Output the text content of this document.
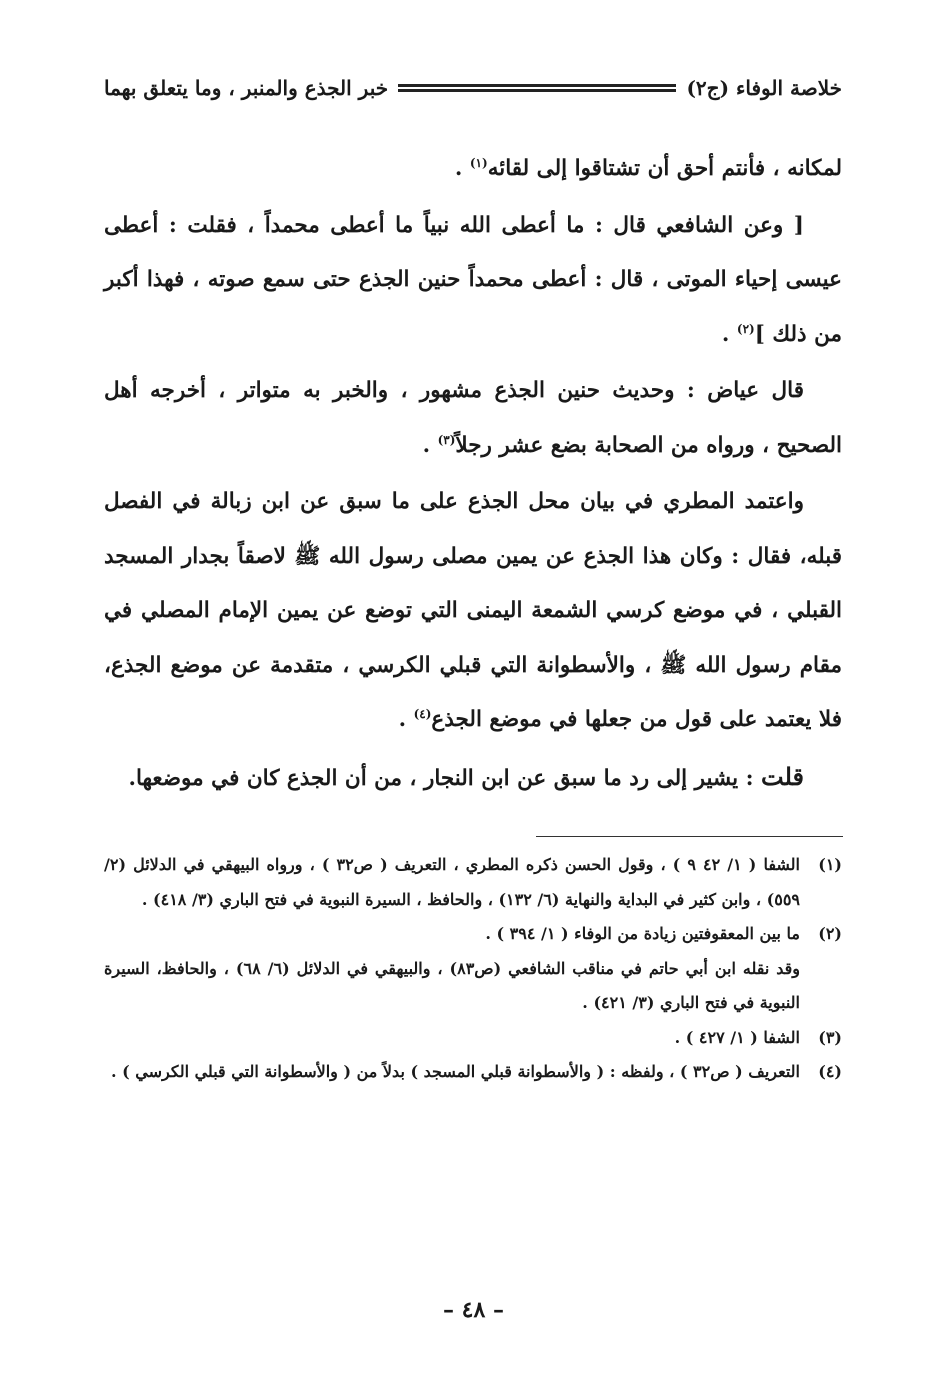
خلاصة الوفاء (ج٢)
خبر الجذع والمنبر ، وما يتعلق بهما

لمكانه ، فأنتم أحق أن تشتاقوا إلى لقائه$^{(١)}$ .

[ وعن الشافعي قال : ما أعطى الله نبياً ما أعطى محمداً ، فقلت : أعطى عيسى إحياء الموتى ، قال : أعطى محمداً حنين الجذع حتى سمع صوته ، فهذا أكبر من ذلك ]$^{(٢)}$ .

قال عياض : وحديث حنين الجذع مشهور ، والخبر به متواتر ، أخرجه أهل الصحيح ، ورواه من الصحابة بضع عشر رجلاً$^{(٣)}$ .

واعتمد المطري في بيان محل الجذع على ما سبق عن ابن زبالة في الفصل قبله، فقال : وكان هذا الجذع عن يمين مصلى رسول الله ﷺ لاصقاً بجدار المسجد القبلي ، في موضع كرسي الشمعة اليمنى التي توضع عن يمين الإمام المصلي في مقام رسول الله ﷺ ، والأسطوانة التي قبلي الكرسي ، متقدمة عن موضع الجذع، فلا يعتمد على قول من جعلها في موضع الجذع$^{(٤)}$ .

قلت : يشير إلى رد ما سبق عن ابن النجار ، من أن الجذع كان في موضعها.

(١)
الشفا ( ١/ ٤٢ ٩ ) ، وقول الحسن ذكره المطري ، التعريف ( ص٣٢ ) ، ورواه البيهقي في الدلائل (٢/ ٥٥٩) ، وابن كثير في البداية والنهاية (٦/ ١٣٢) ، والحافظ ، السيرة النبوية في فتح الباري (٣/ ٤١٨) .
(٢)
ما بين المعقوفتين زيادة من الوفاء ( ١/ ٣٩٤ ) .
وقد نقله ابن أبي حاتم في مناقب الشافعي (ص٨٣) ، والبيهقي في الدلائل (٦/ ٦٨) ، والحافظ، السيرة النبوية في فتح الباري (٣/ ٤٢١) .
(٣)
الشفا ( ١/ ٤٢٧ ) .
(٤)
التعريف ( ص٣٢ ) ، ولفظه : ( والأسطوانة قبلي المسجد ) بدلاً من ( والأسطوانة التي قبلي الكرسي ) .
– ٤٨ –
